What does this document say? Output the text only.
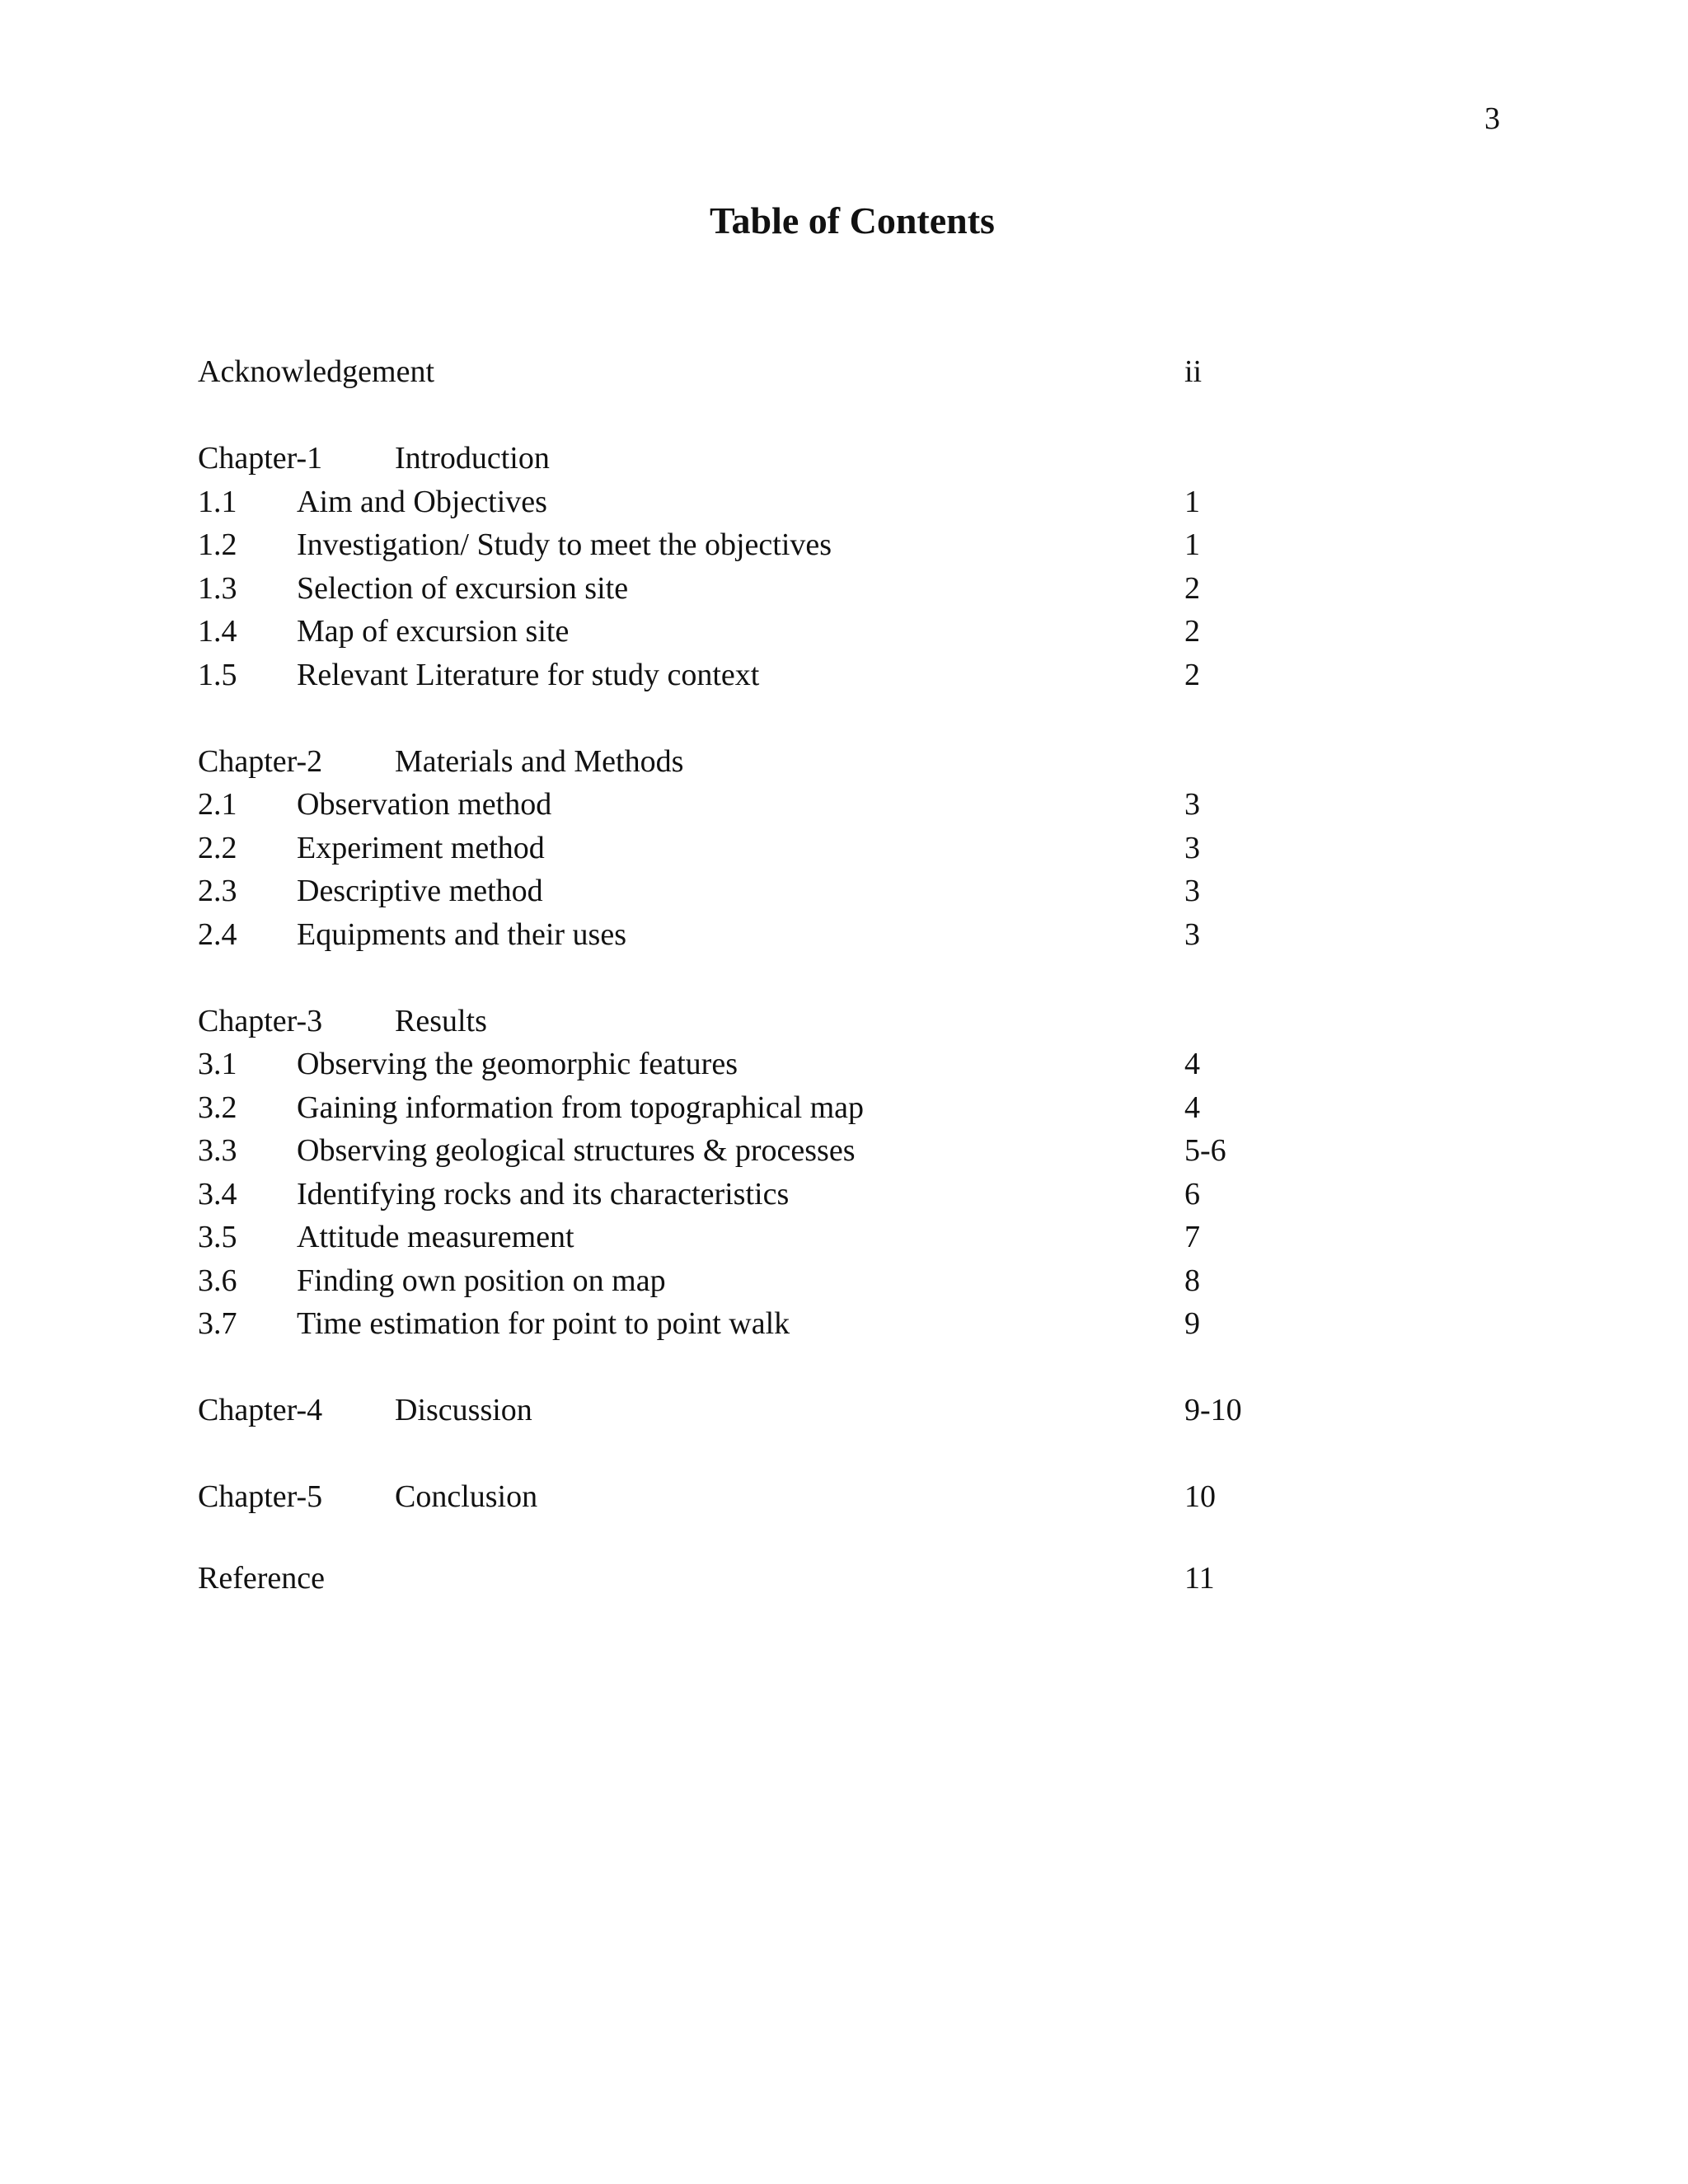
3
Table of Contents
Acknowledgement	ii
Chapter-1 Introduction
1.1 Aim and Objectives	1
1.2 Investigation/ Study to meet the objectives	1
1.3 Selection of excursion site	2
1.4 Map of excursion site	2
1.5 Relevant Literature for study context	2
Chapter-2 Materials and Methods
2.1 Observation method	3
2.2 Experiment method	3
2.3 Descriptive method	3
2.4 Equipments and their uses	3
Chapter-3 Results
3.1 Observing the geomorphic features	4
3.2 Gaining information from topographical map	4
3.3 Observing geological structures & processes	5-6
3.4 Identifying rocks and its characteristics	6
3.5 Attitude measurement	7
3.6 Finding own position on map	8
3.7 Time estimation for point to point walk	9
Chapter-4 Discussion	9-10
Chapter-5 Conclusion	10
Reference	11
